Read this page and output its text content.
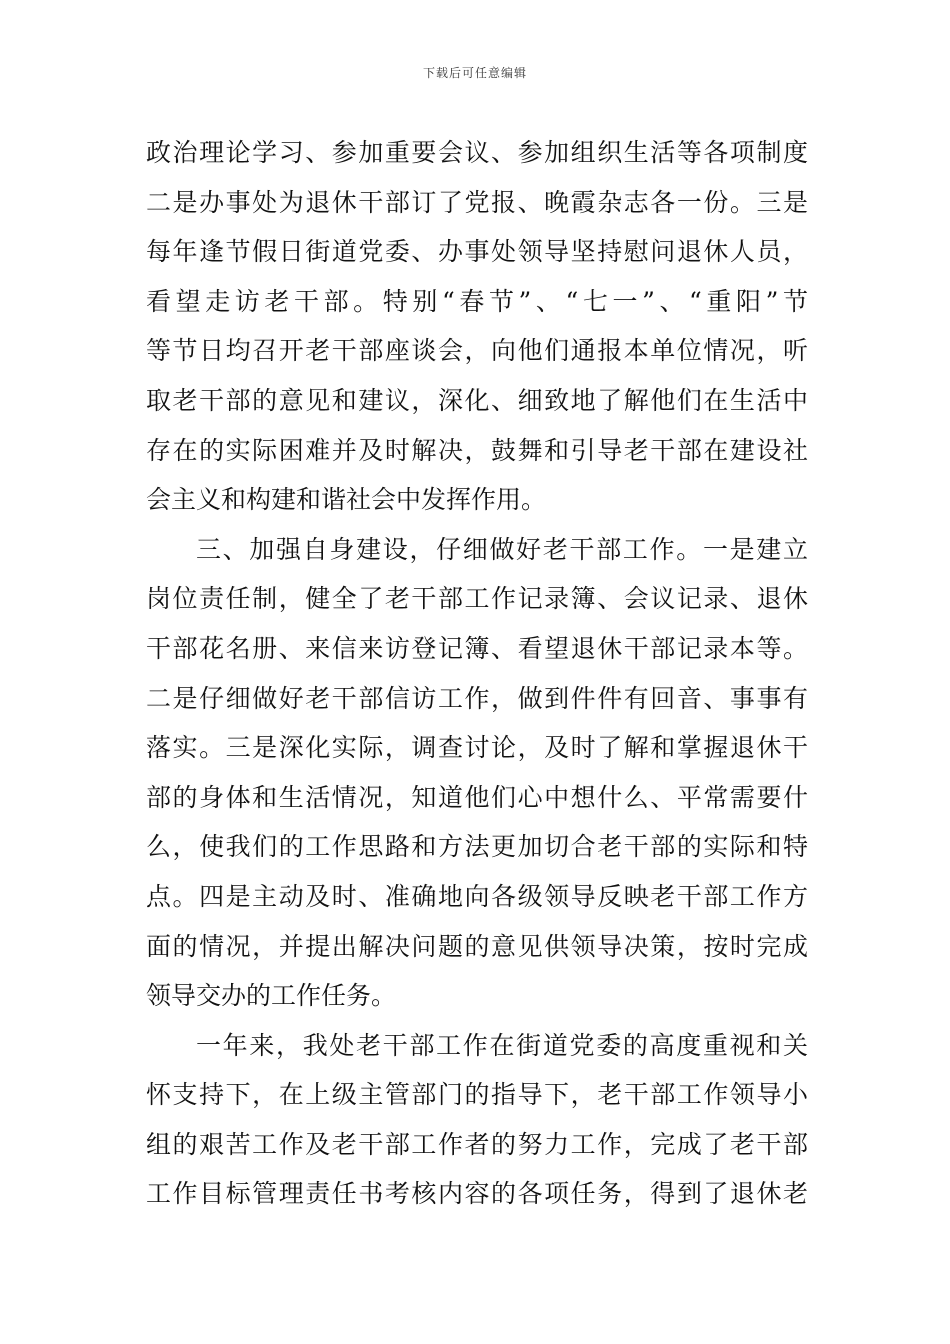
下载后可任意编辑
政治理论学习、参加重要会议、参加组织生活等各项制度
二是办事处为退休干部订了党报、晚霞杂志各一份。三是
每年逢节假日街道党委、办事处领导坚持慰问退休人员，
看望走访老干部。特别“春节”、“七一”、“重阳”节
等节日均召开老干部座谈会，向他们通报本单位情况，听
取老干部的意见和建议，深化、细致地了解他们在生活中
存在的实际困难并及时解决，鼓舞和引导老干部在建设社
会主义和构建和谐社会中发挥作用。
三、加强自身建设，仔细做好老干部工作。一是建立
岗位责任制，健全了老干部工作记录簿、会议记录、退休
干部花名册、来信来访登记簿、看望退休干部记录本等。
二是仔细做好老干部信访工作，做到件件有回音、事事有
落实。三是深化实际，调查讨论，及时了解和掌握退休干
部的身体和生活情况，知道他们心中想什么、平常需要什
么，使我们的工作思路和方法更加切合老干部的实际和特
点。四是主动及时、准确地向各级领导反映老干部工作方
面的情况，并提出解决问题的意见供领导决策，按时完成
领导交办的工作任务。
一年来，我处老干部工作在街道党委的高度重视和关
怀支持下，在上级主管部门的指导下，老干部工作领导小
组的艰苦工作及老干部工作者的努力工作，完成了老干部
工作目标管理责任书考核内容的各项任务，得到了退休老
